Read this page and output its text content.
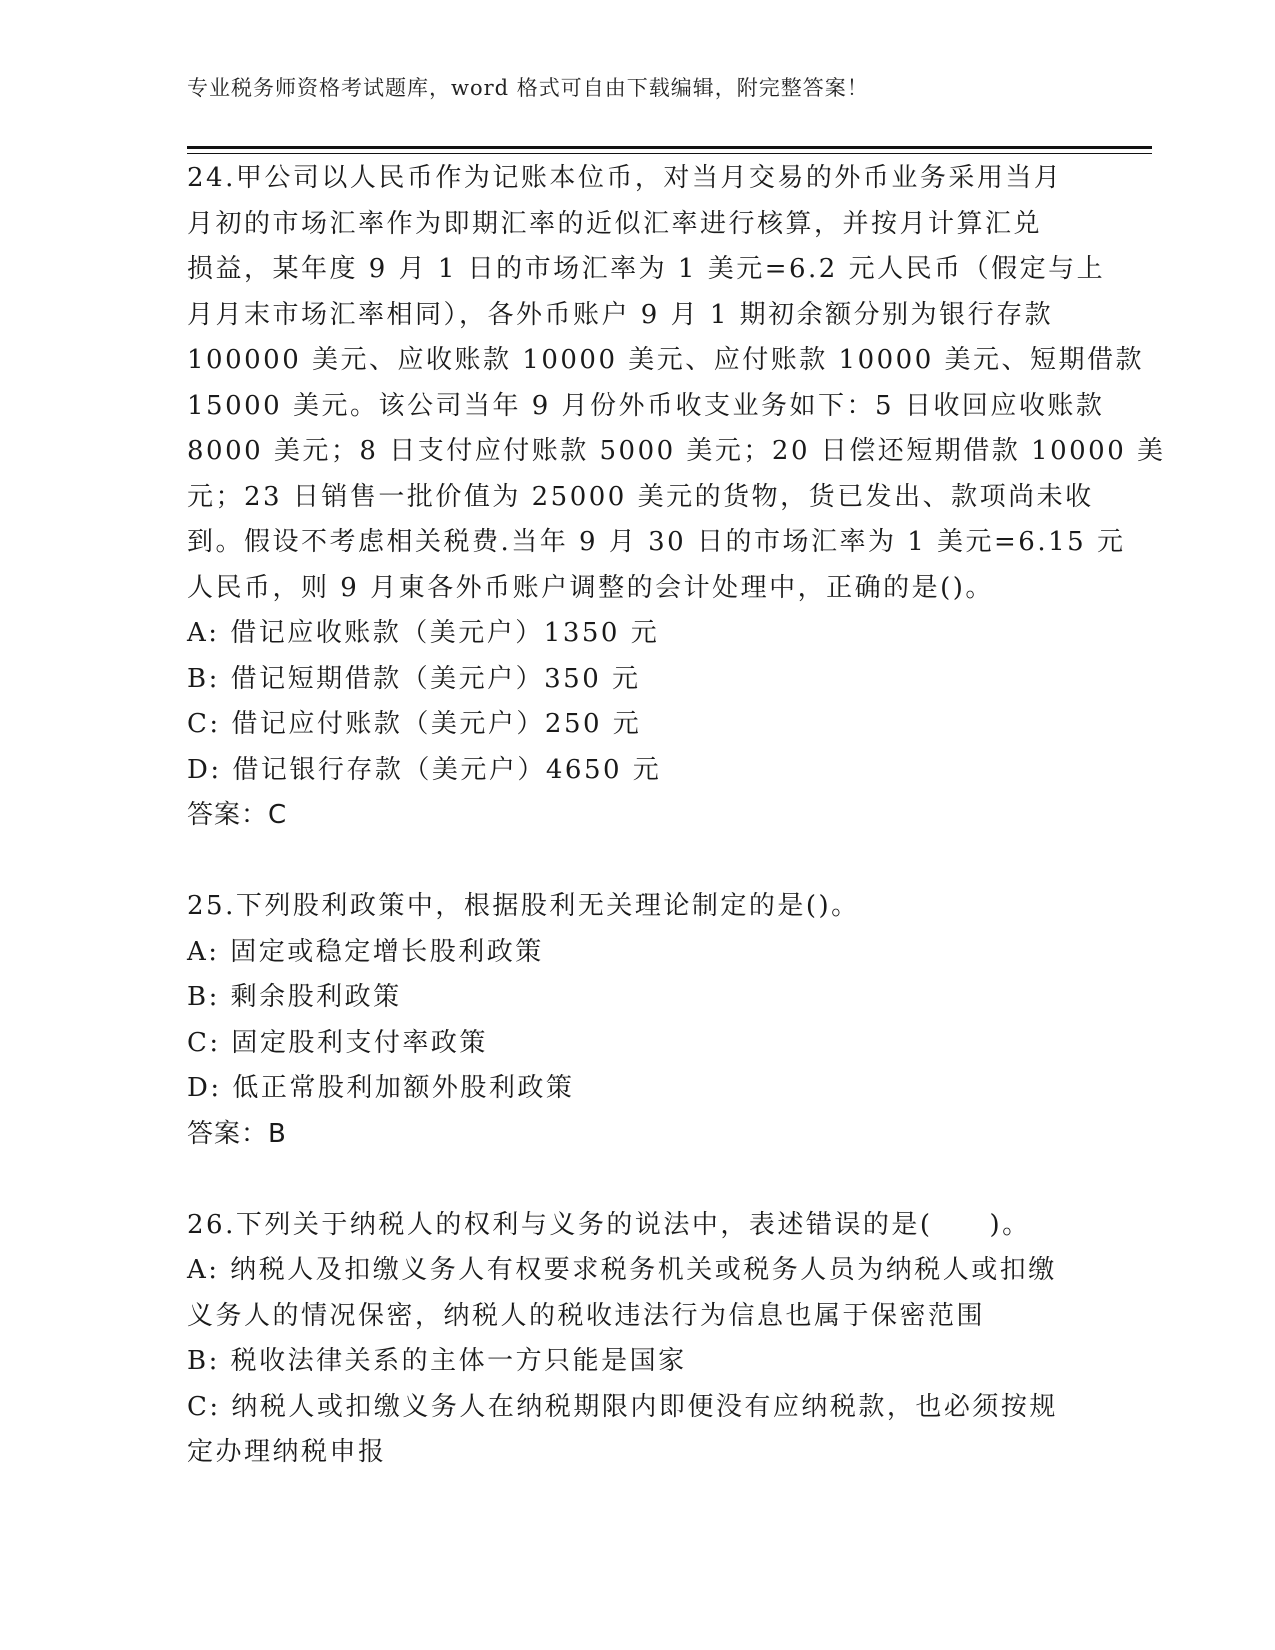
专业税务师资格考试题库，word 格式可自由下载编辑，附完整答案！
24.甲公司以人民币作为记账本位币，对当月交易的外币业务采用当月
月初的市场汇率作为即期汇率的近似汇率进行核算，并按月计算汇兑
损益，某年度 9 月 1 日的市场汇率为 1 美元=6.2 元人民币（假定与上
月月末市场汇率相同），各外币账户 9 月 1 期初余额分别为银行存款
100000 美元、应收账款 10000 美元、应付账款 10000 美元、短期借款
15000 美元。该公司当年 9 月份外币收支业务如下：5 日收回应收账款
8000 美元；8 日支付应付账款 5000 美元；20 日偿还短期借款 10000 美
元；23 日销售一批价值为 25000 美元的货物，货已发出、款项尚未收
到。假设不考虑相关税费.当年 9 月 30 日的市场汇率为 1 美元=6.15 元
人民币，则 9 月東各外币账户调整的会计处理中，正确的是()。
A: 借记应收账款（美元户）1350 元
B: 借记短期借款（美元户）350 元
C: 借记应付账款（美元户）250 元
D: 借记银行存款（美元户）4650 元
答案：C
25.下列股利政策中，根据股利无关理论制定的是()。
A: 固定或稳定增长股利政策
B: 剩余股利政策
C: 固定股利支付率政策
D: 低正常股利加额外股利政策
答案：B
26.下列关于纳税人的权利与义务的说法中，表述错误的是(　　)。
A: 纳税人及扣缴义务人有权要求税务机关或税务人员为纳税人或扣缴
义务人的情况保密，纳税人的税收违法行为信息也属于保密范围
B: 税收法律关系的主体一方只能是国家
C: 纳税人或扣缴义务人在纳税期限内即便没有应纳税款，也必须按规
定办理纳税申报
